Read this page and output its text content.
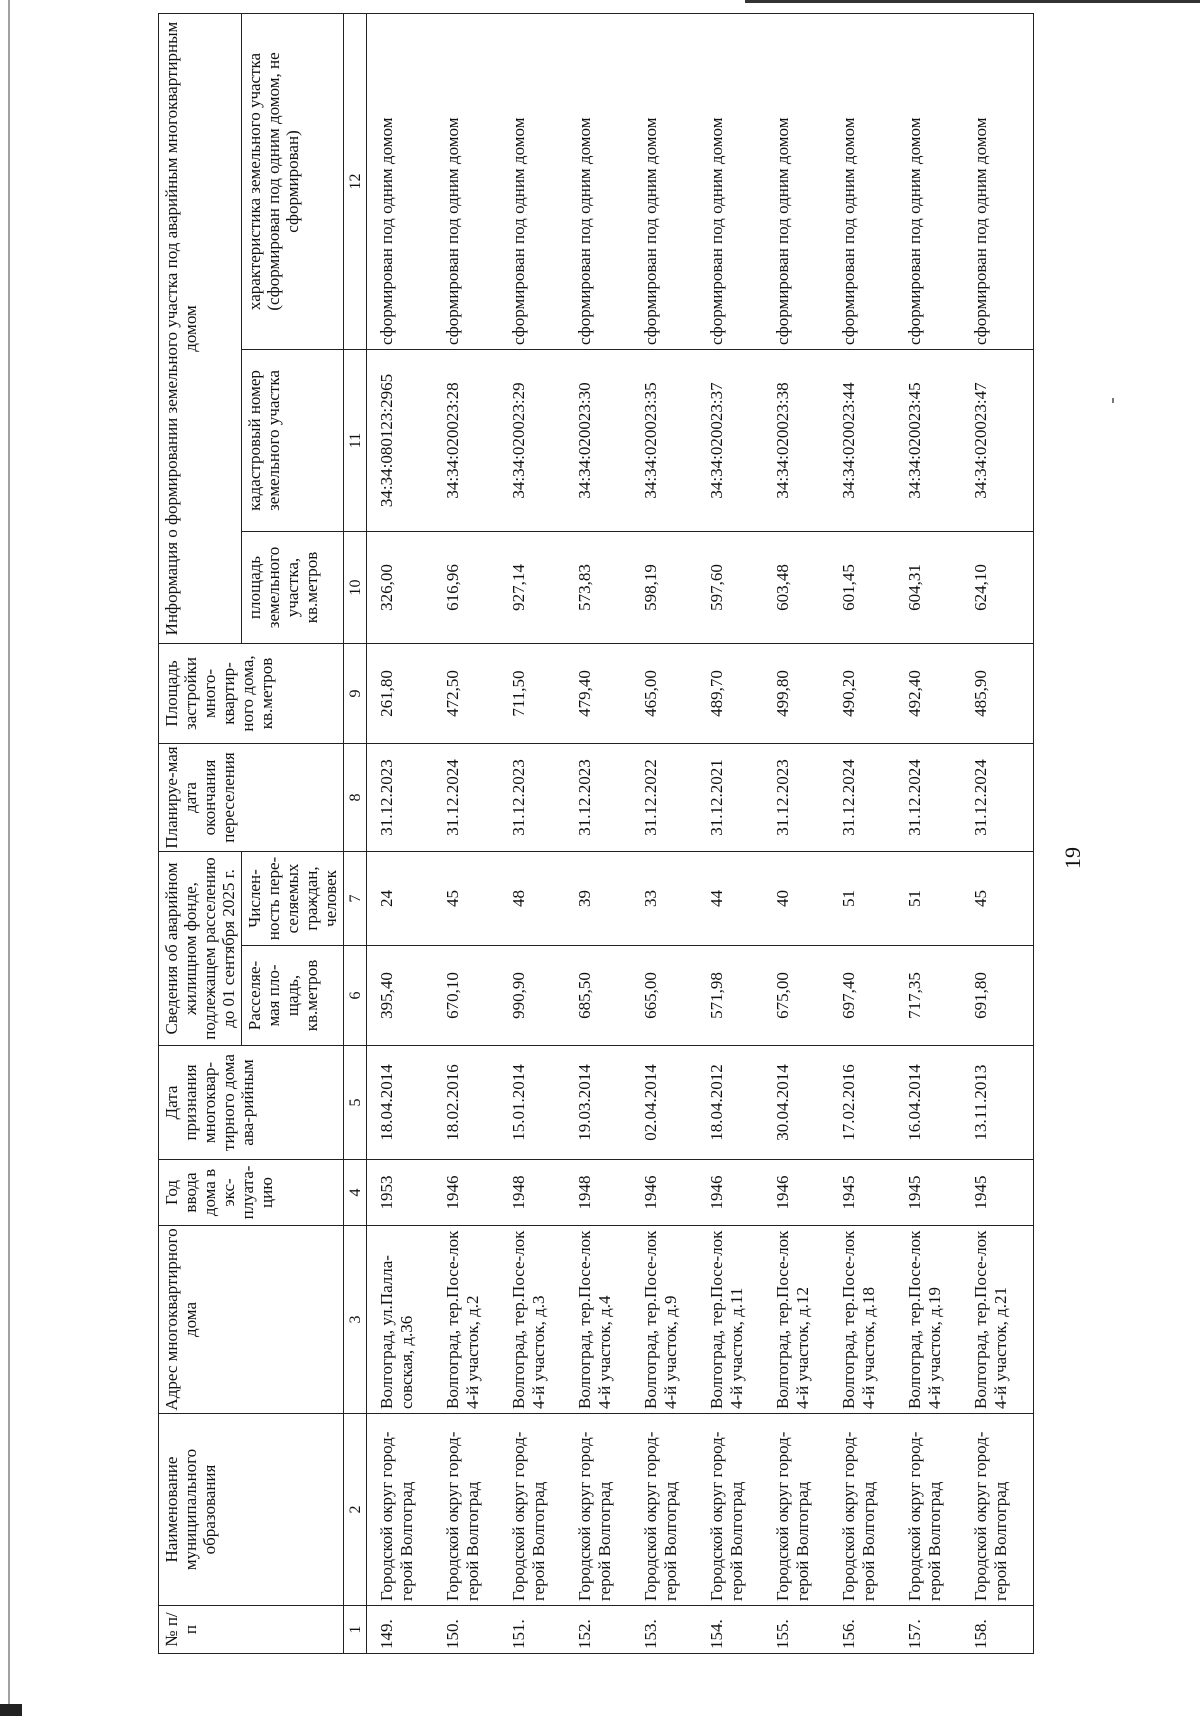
19
№ п/п	Наименование муниципального образования	Адрес многоквартирного дома	Год ввода дома в экс-плуата-цию	Дата признания многоквар-тирного дома ава-рийным	Сведения об аварийном жилищном фонде, подлежащем расселению до 01 сентября 2025 г.		Планируе-мая дата окончания переселения	Площадь застройки много-квартир-ного дома, кв.метров	Информация о формировании земельного участка под аварийным многоквартирным домом		

					Расселяе-мая пло-щадь, кв.метров	Числен-ность пере-селяемых граждан, человек			площадь земельного участка, кв.метров	кадастровый номер земельного участка	характеристика земельного участка (сформирован под одним домом, не сформирован)

1	2	3	4	5	6	7	8	9	10	11	12
149.	Городской округ город-герой Волгоград	Волгоград, ул.Паллa-совская, д.36	1953	18.04.2014	395,40	24	31.12.2023	261,80	326,00	34:34:080123:2965	сформирован под одним домом
150.	Городской округ город-герой Волгоград	Волгоград, тер.Посе-лок 4-й участок, д.2	1946	18.02.2016	670,10	45	31.12.2024	472,50	616,96	34:34:020023:28	сформирован под одним домом
151.	Городской округ город-герой Волгоград	Волгоград, тер.Посе-лок 4-й участок, д.3	1948	15.01.2014	990,90	48	31.12.2023	711,50	927,14	34:34:020023:29	сформирован под одним домом
152.	Городской округ город-герой Волгоград	Волгоград, тер.Посе-лок 4-й участок, д.4	1948	19.03.2014	685,50	39	31.12.2023	479,40	573,83	34:34:020023:30	сформирован под одним домом
153.	Городской округ город-герой Волгоград	Волгоград, тер.Посе-лок 4-й участок, д.9	1946	02.04.2014	665,00	33	31.12.2022	465,00	598,19	34:34:020023:35	сформирован под одним домом
154.	Городской округ город-герой Волгоград	Волгоград, тер.Посе-лок 4-й участок, д.11	1946	18.04.2012	571,98	44	31.12.2021	489,70	597,60	34:34:020023:37	сформирован под одним домом
155.	Городской округ город-герой Волгоград	Волгоград, тер.Посе-лок 4-й участок, д.12	1946	30.04.2014	675,00	40	31.12.2023	499,80	603,48	34:34:020023:38	сформирован под одним домом
156.	Городской округ город-герой Волгоград	Волгоград, тер.Посе-лок 4-й участок, д.18	1945	17.02.2016	697,40	51	31.12.2024	490,20	601,45	34:34:020023:44	сформирован под одним домом
157.	Городской округ город-герой Волгоград	Волгоград, тер.Посе-лок 4-й участок, д.19	1945	16.04.2014	717,35	51	31.12.2024	492,40	604,31	34:34:020023:45	сформирован под одним домом
158.	Городской округ город-герой Волгоград	Волгоград, тер.Посе-лок 4-й участок, д.21	1945	13.11.2013	691,80	45	31.12.2024	485,90	624,10	34:34:020023:47	сформирован под одним домом
